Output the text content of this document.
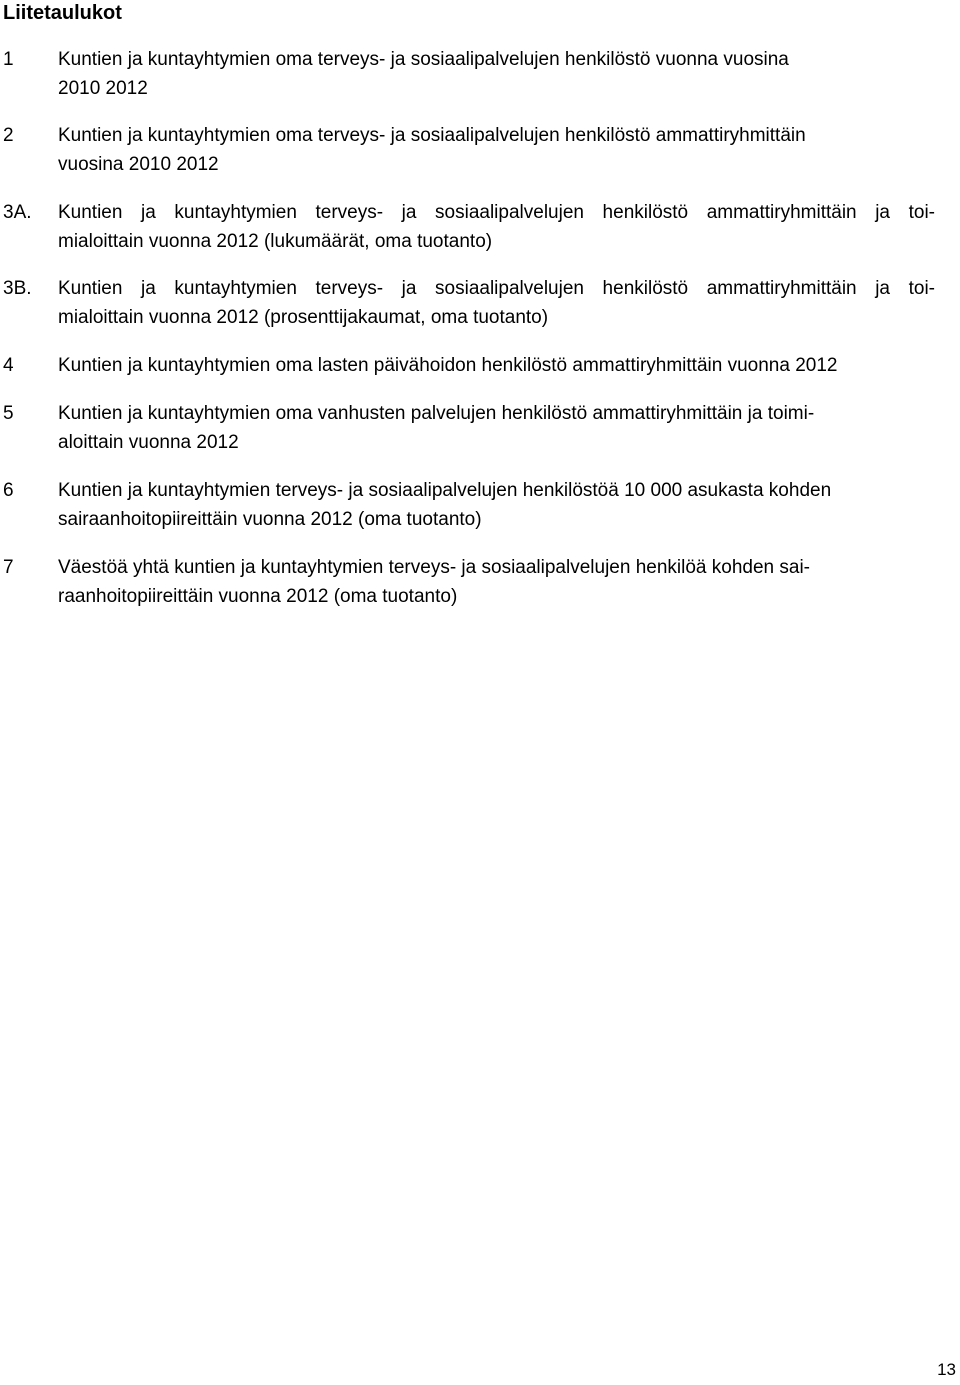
Liitetaulukot
1 Kuntien ja kuntayhtymien oma terveys- ja sosiaalipalvelujen henkilöstö vuonna vuosina
2010 2012
2 Kuntien ja kuntayhtymien oma terveys- ja sosiaalipalvelujen henkilöstö ammattiryhmittäin
vuosina 2010 2012
3A. Kuntien ja kuntayhtymien terveys- ja sosiaalipalvelujen henkilöstö ammattiryhmittäin ja toi-
mialoittain vuonna 2012 (lukumäärät, oma tuotanto)
3B. Kuntien ja kuntayhtymien terveys- ja sosiaalipalvelujen henkilöstö ammattiryhmittäin ja toi-
mialoittain vuonna 2012 (prosenttijakaumat, oma tuotanto)
4 Kuntien ja kuntayhtymien oma lasten päivähoidon henkilöstö ammattiryhmittäin vuonna 2012
5 Kuntien ja kuntayhtymien oma vanhusten palvelujen henkilöstö ammattiryhmittäin ja toimi-
aloittain vuonna 2012
6 Kuntien ja kuntayhtymien terveys- ja sosiaalipalvelujen henkilöstöä 10 000 asukasta kohden
sairaanhoitopiireittäin vuonna 2012 (oma tuotanto)
7 Väestöä yhtä kuntien ja kuntayhtymien terveys- ja sosiaalipalvelujen henkilöä kohden sai-
raanhoitopiireittäin vuonna 2012 (oma tuotanto)
13
